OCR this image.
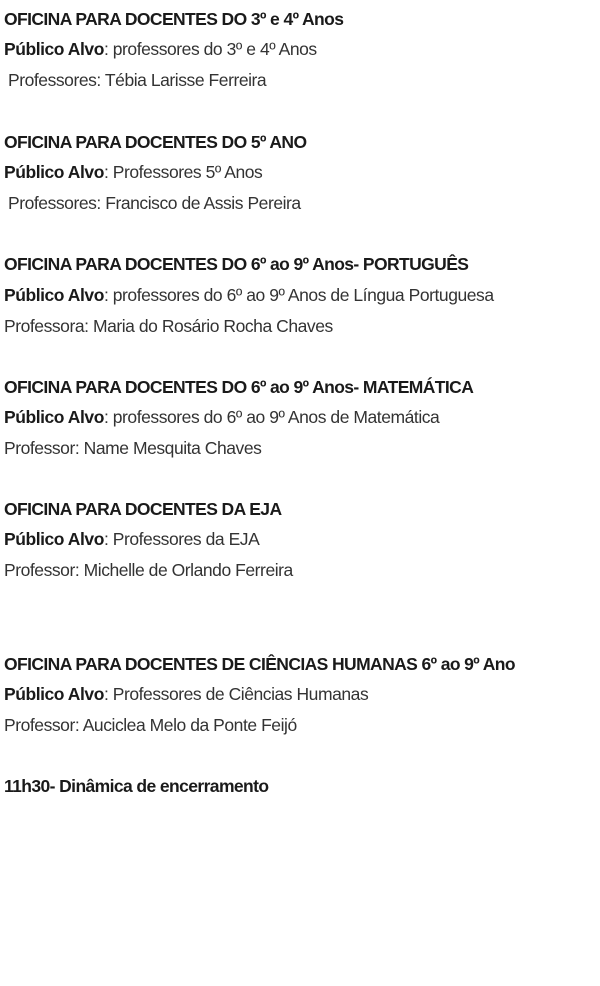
OFICINA PARA DOCENTES DO 3º e 4º Anos
Público Alvo: professores do 3º e 4º Anos
Professores: Tébia Larisse Ferreira
OFICINA PARA DOCENTES DO 5º ANO
Público Alvo: Professores 5º Anos
Professores: Francisco de Assis Pereira
OFICINA PARA DOCENTES DO 6º ao 9º Anos- PORTUGUÊS
Público Alvo: professores do 6º ao 9º Anos de Língua Portuguesa
Professora: Maria do Rosário Rocha Chaves
OFICINA PARA DOCENTES DO 6º ao 9º Anos- MATEMÁTICA
Público Alvo: professores do 6º ao 9º Anos de Matemática
Professor: Name Mesquita Chaves
OFICINA PARA DOCENTES DA EJA
Público Alvo: Professores da EJA
Professor: Michelle de Orlando Ferreira
OFICINA PARA DOCENTES DE CIÊNCIAS HUMANAS 6º ao 9º Ano
Público Alvo: Professores de Ciências Humanas
Professor: Auciclea Melo da Ponte Feijó
11h30- Dinâmica de encerramento
